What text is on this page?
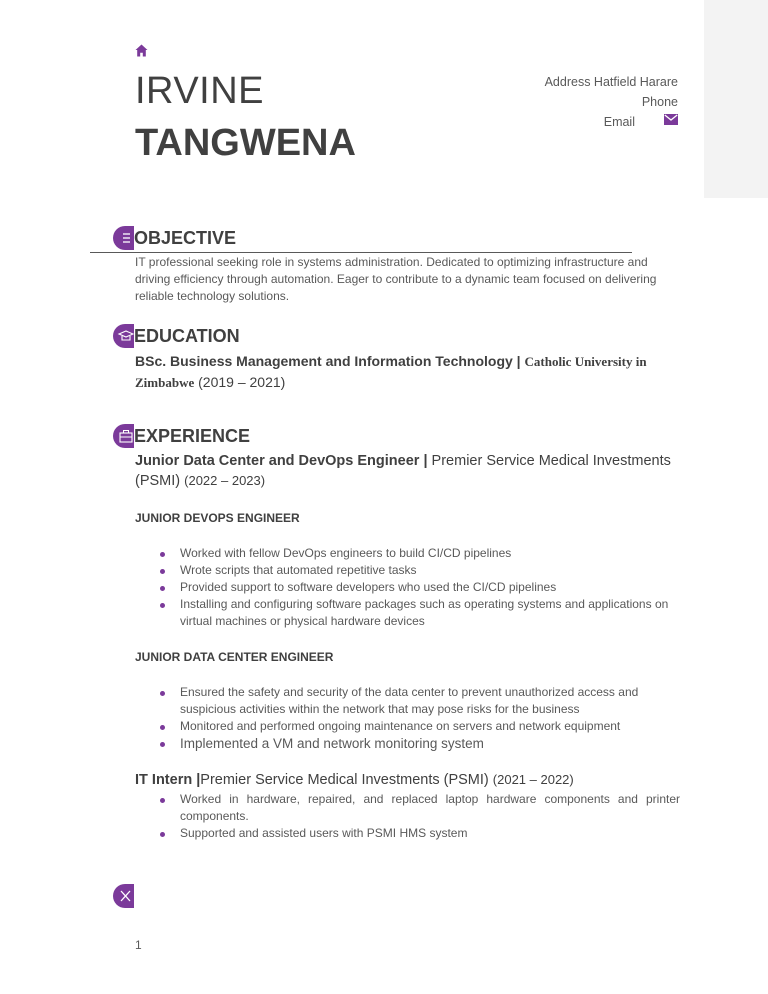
IRVINE
TANGWENA
Address Hatfield Harare
Phone
Email
OBJECTIVE
IT professional seeking role in systems administration. Dedicated to optimizing infrastructure and driving efficiency through automation. Eager to contribute to a dynamic team focused on delivering reliable technology solutions.
EDUCATION
BSc. Business Management and Information Technology | Catholic University in Zimbabwe (2019 – 2021)
EXPERIENCE
Junior Data Center and DevOps Engineer | Premier Service Medical Investments (PSMI) (2022 – 2023)
JUNIOR DEVOPS ENGINEER
Worked with fellow DevOps engineers to build CI/CD pipelines
Wrote scripts that automated repetitive tasks
Provided support to software developers who used the CI/CD pipelines
Installing and configuring software packages such as operating systems and applications on virtual machines or physical hardware devices
JUNIOR DATA CENTER ENGINEER
Ensured the safety and security of the data center to prevent unauthorized access and suspicious activities within the network that may pose risks for the business
Monitored and performed ongoing maintenance on servers and network equipment
Implemented a VM and network monitoring system
IT Intern |Premier Service Medical Investments (PSMI) (2021 – 2022)
Worked in hardware, repaired, and replaced laptop hardware components and printer components.
Supported and assisted users with PSMI HMS system
1
